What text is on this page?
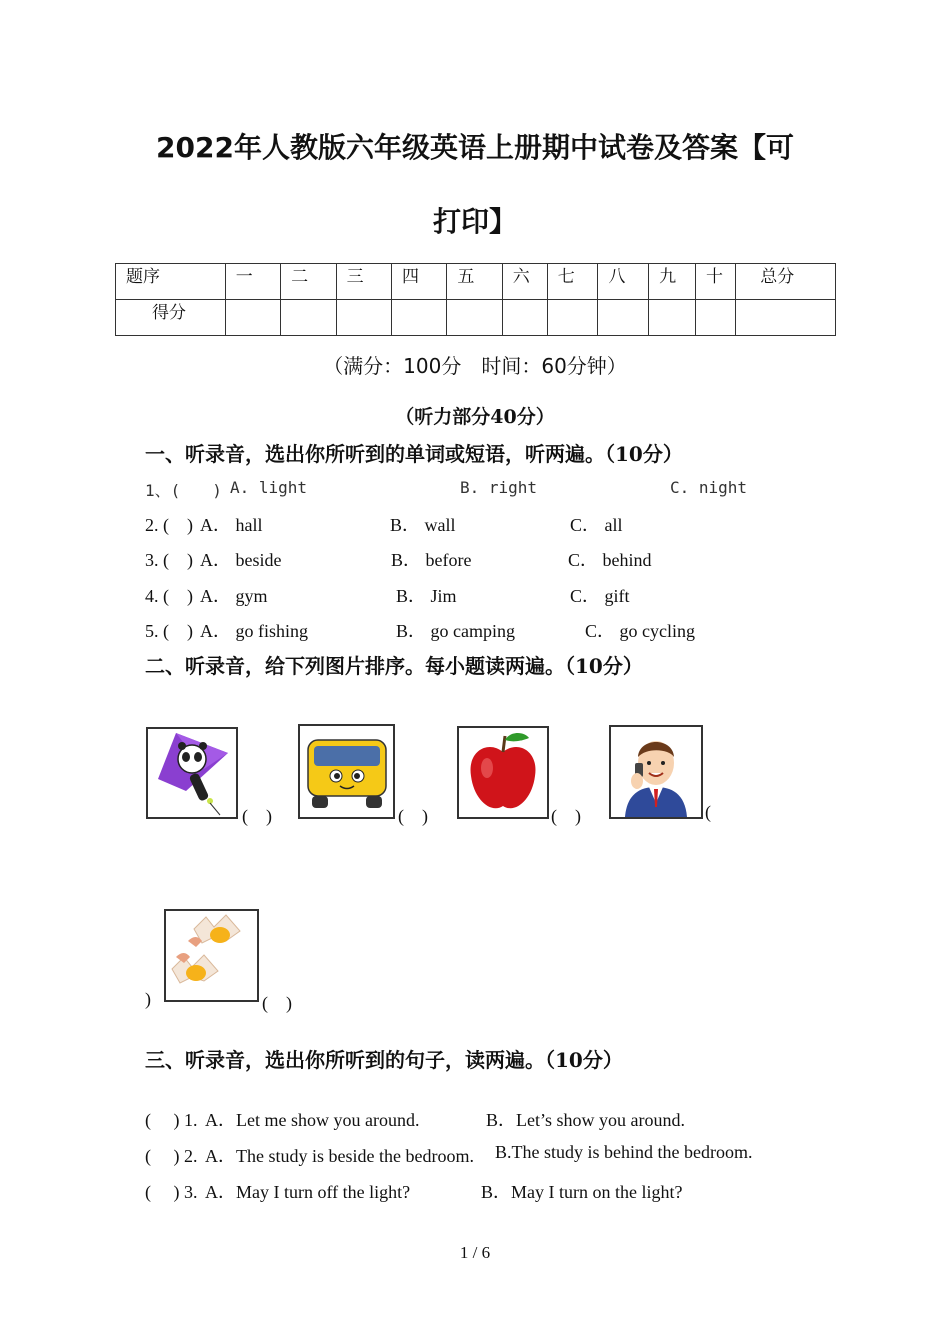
2022年人教版六年级英语上册期中试卷及答案【可
打印】
题序	一	二	三	四	五	六	七	八	九	十	总分
得分											
（满分：100分　时间：60分钟）
（听力部分40分）
一、听录音，选出你所听到的单词或短语，听两遍。（10分）
1、(　　) A. light	B. right	C. night
2. (　) A． hall	B． wall	C． all
3. (　) A． beside	B． before	C． behind
4. (　) A． gym	B． Jim	C． gift
5. (　) A． go fishing	B． go camping	C． go cycling
二、听录音，给下列图片排序。每小题读两遍。（10分）
(　)	(　)	(　)	(
)	(　)
三、听录音，选出你所听到的句子，读两遍。（10分）
(　 ) 1. A．Let me show you around.	B．Let’s show you around.
(　 ) 2. A．The study is beside the bedroom. B.The study is behind the bedroom.
(　 ) 3. A．May I turn off the light?	B．May I turn on the light?
1 / 6
